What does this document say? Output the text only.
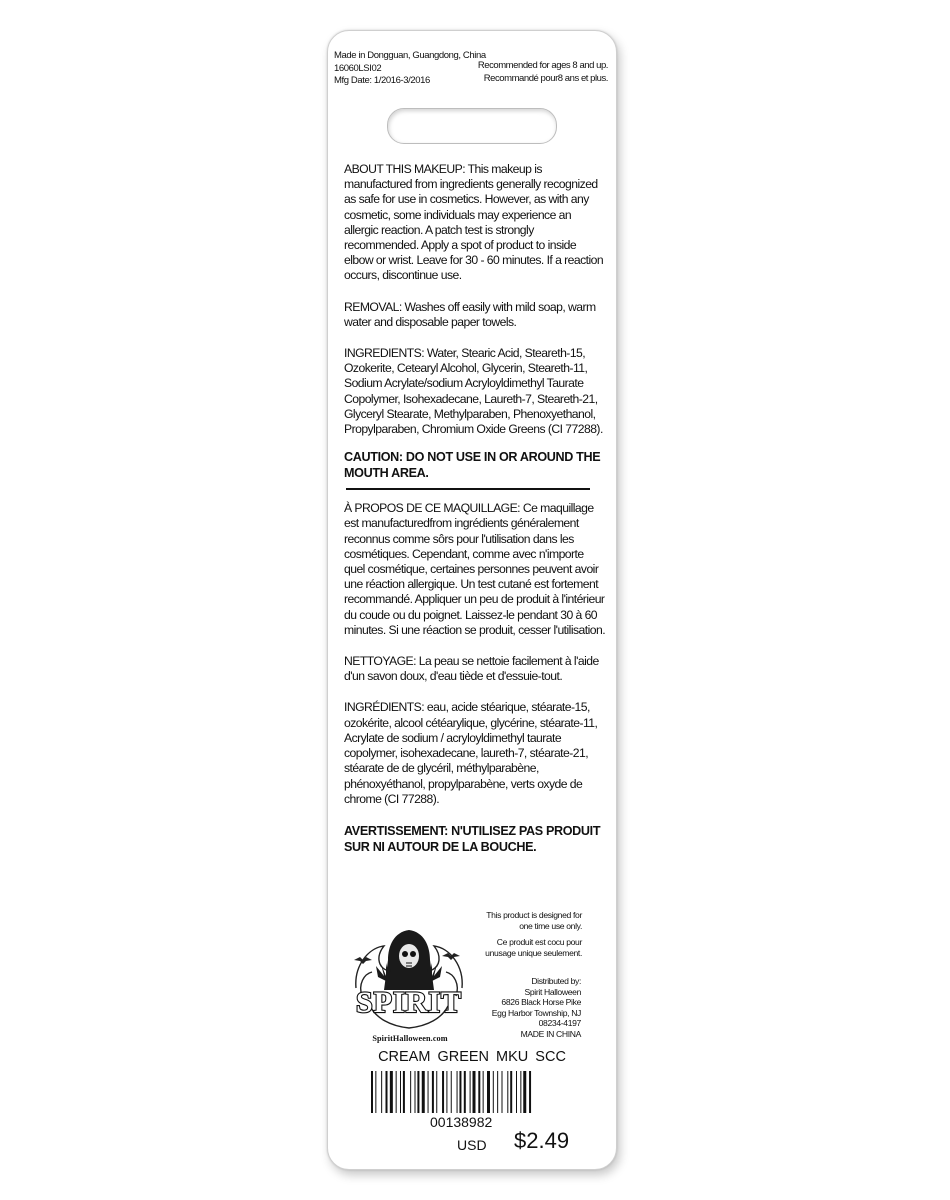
Made in Dongguan, Guangdong, China
16060LSI02
Mfg Date: 1/2016-3/2016
Recommended for ages 8 and up.
Recommandé pour8 ans et plus.

ABOUT THIS MAKEUP: This makeup is manufactured from ingredients generally recognized as safe for use in cosmetics. However, as with any cosmetic, some individuals may experience an allergic reaction. A patch test is strongly recommended. Apply a spot of product to inside elbow or wrist. Leave for 30 - 60 minutes. If a reaction occurs, discontinue use.

REMOVAL: Washes off easily with mild soap, warm water and disposable paper towels.

INGREDIENTS: Water, Stearic Acid, Steareth-15, Ozokerite, Cetearyl Alcohol, Glycerin, Steareth-11, Sodium Acrylate/sodium Acryloyldimethyl Taurate Copolymer, Isohexadecane, Laureth-7, Steareth-21, Glyceryl Stearate, Methylparaben, Phenoxyethanol, Propylparaben, Chromium Oxide Greens (CI 77288).

CAUTION: DO NOT USE IN OR AROUND THE MOUTH AREA.

À PROPOS DE CE MAQUILLAGE: Ce maquillage est manufacturedfrom ingrédients généralement reconnus comme sôrs pour l'utilisation dans les cosmétiques. Cependant, comme avec n'importe quel cosmétique, certaines personnes peuvent avoir une réaction allergique. Un test cutané est fortement recommandé. Appliquer un peu de produit à l'intérieur du coude ou du poignet. Laissez-le pendant 30 à 60 minutes. Si une réaction se produit, cesser l'utilisation.

NETTOYAGE: La peau se nettoie facilement à l'aide d'un savon doux, d'eau tiède et d'essuie-tout.

INGRÉDIENTS: eau, acide stéarique, stéarate-15, ozokérite, alcool cétéarylique, glycérine, stéarate-11, Acrylate de sodium / acryloyldimethyl taurate copolymer, isohexadecane, laureth-7, stéarate-21, stéarate de de glycéril, méthylparabène, phénoxyéthanol, propylparabène, verts oxyde de chrome (CI 77288).

AVERTISSEMENT: N'UTILISEZ PAS PRODUIT SUR NI AUTOUR DE LA BOUCHE.

This product is designed for one time use only.
Ce produit est cocu pour unusage unique seulement.
Distributed by:
Spirit Halloween
6826 Black Horse Pike
Egg Harbor Township, NJ
08234-4197
MADE IN CHINA
SPIRIT
SpiritHalloween.com
CREAM GREEN MKU SCC
00138982
USD $2.49
